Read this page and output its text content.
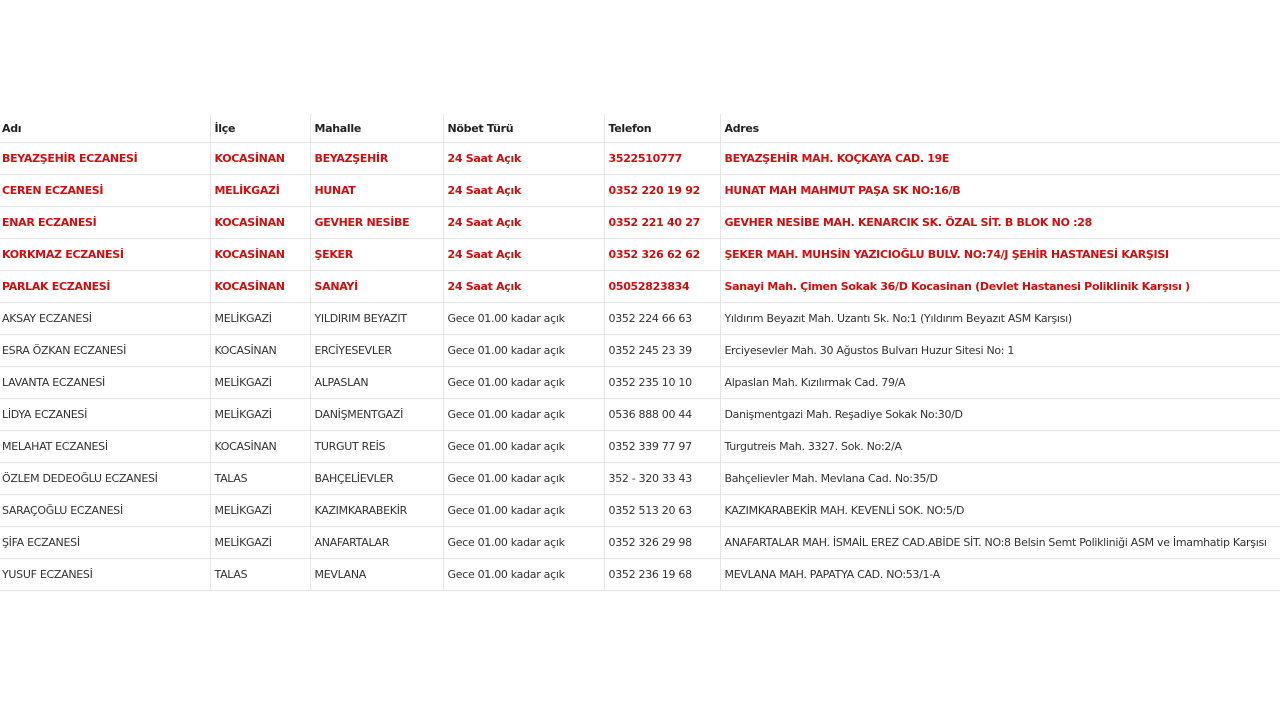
Adı	İlçe	Mahalle	Nöbet Türü	Telefon	Adres
BEYAZŞEHİR ECZANESİ	KOCASİNAN	BEYAZŞEHİR	24 Saat Açık	3522510777	BEYAZŞEHİR MAH. KOÇKAYA CAD. 19E
CEREN ECZANESİ	MELİKGAZİ	HUNAT	24 Saat Açık	0352 220 19 92	HUNAT MAH MAHMUT PAŞA SK NO:16/B
ENAR ECZANESİ	KOCASİNAN	GEVHER NESİBE	24 Saat Açık	0352 221 40 27	GEVHER NESİBE MAH. KENARCIK SK. ÖZAL SİT. B BLOK NO :28
KORKMAZ ECZANESİ	KOCASİNAN	ŞEKER	24 Saat Açık	0352 326 62 62	ŞEKER MAH. MUHSİN YAZICIOĞLU BULV. NO:74/J ŞEHİR HASTANESİ KARŞISI
PARLAK ECZANESİ	KOCASİNAN	SANAYİ	24 Saat Açık	05052823834	Sanayi Mah. Çimen Sokak 36/D Kocasinan (Devlet Hastanesi Poliklinik Karşısı )
AKSAY ECZANESİ	MELİKGAZİ	YILDIRIM BEYAZIT	Gece 01.00 kadar açık	0352 224 66 63	Yıldırım Beyazıt Mah. Uzantı Sk. No:1 (Yıldırım Beyazıt ASM Karşısı)
ESRA ÖZKAN ECZANESİ	KOCASİNAN	ERCİYESEVLER	Gece 01.00 kadar açık	0352 245 23 39	Erciyesevler Mah. 30 Ağustos Bulvarı Huzur Sitesi No: 1
LAVANTA ECZANESİ	MELİKGAZİ	ALPASLAN	Gece 01.00 kadar açık	0352 235 10 10	Alpaslan Mah. Kızılırmak Cad. 79/A
LİDYA ECZANESİ	MELİKGAZİ	DANİŞMENTGAZİ	Gece 01.00 kadar açık	0536 888 00 44	Danişmentgazi Mah. Reşadiye Sokak No:30/D
MELAHAT ECZANESİ	KOCASİNAN	TURGUT REİS	Gece 01.00 kadar açık	0352 339 77 97	Turgutreis Mah. 3327. Sok. No:2/A
ÖZLEM DEDEOĞLU ECZANESİ	TALAS	BAHÇELİEVLER	Gece 01.00 kadar açık	352 - 320 33 43	Bahçelievler Mah. Mevlana Cad. No:35/D
SARAÇOĞLU ECZANESİ	MELİKGAZİ	KAZIMKARABEKİR	Gece 01.00 kadar açık	0352 513 20 63	KAZIMKARABEKİR MAH. KEVENLİ SOK. NO:5/D
ŞİFA ECZANESİ	MELİKGAZİ	ANAFARTALAR	Gece 01.00 kadar açık	0352 326 29 98	ANAFARTALAR MAH. İSMAİL EREZ CAD.ABİDE SİT. NO:8 Belsin Semt Polikliniği ASM ve İmamhatip Karşısı
YUSUF ECZANESİ	TALAS	MEVLANA	Gece 01.00 kadar açık	0352 236 19 68	MEVLANA MAH. PAPATYA CAD. NO:53/1-A
